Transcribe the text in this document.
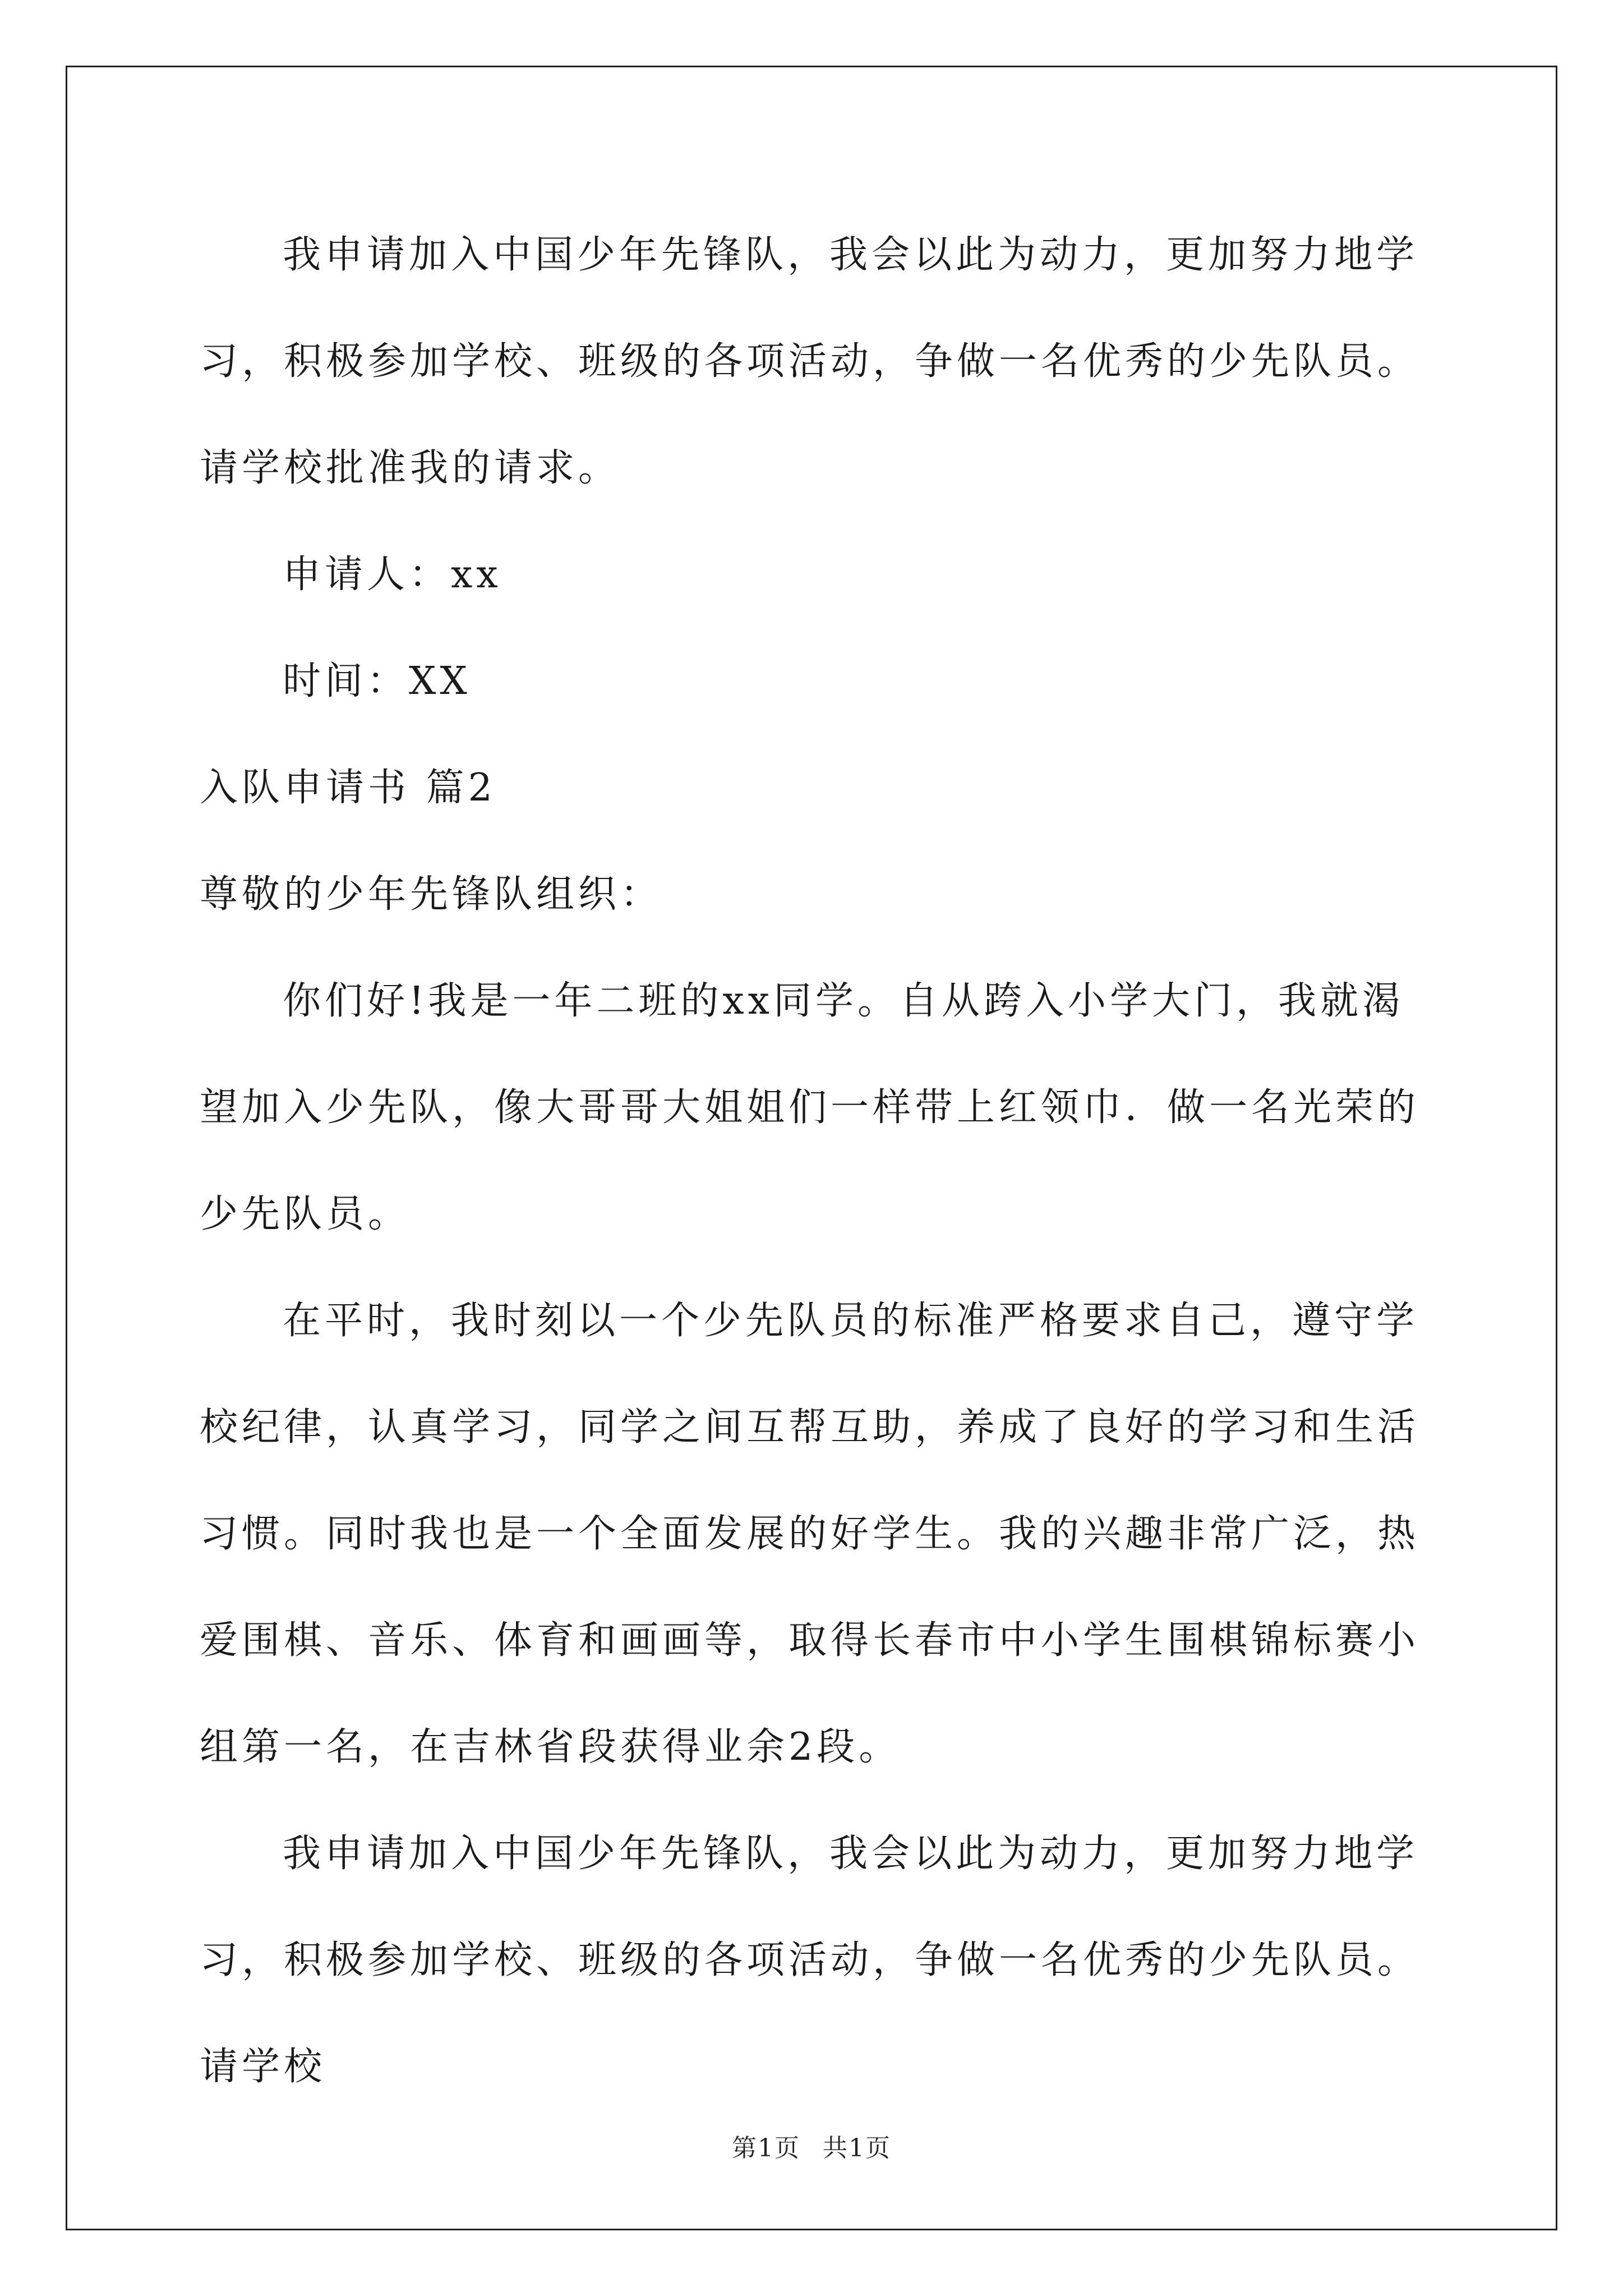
我申请加入中国少年先锋队，我会以此为动力，更加努力地学习，积极参加学校、班级的各项活动，争做一名优秀的少先队员。请学校批准我的请求。

申请人：xx

时间：XX

入队申请书 篇2

尊敬的少年先锋队组织：

你们好!我是一年二班的xx同学。自从跨入小学大门，我就渴望加入少先队，像大哥哥大姐姐们一样带上红领巾．做一名光荣的少先队员。

在平时，我时刻以一个少先队员的标准严格要求自己，遵守学校纪律，认真学习，同学之间互帮互助，养成了良好的学习和生活习惯。同时我也是一个全面发展的好学生。我的兴趣非常广泛，热爱围棋、音乐、体育和画画等，取得长春市中小学生围棋锦标赛小组第一名，在吉林省段获得业余2段。

我申请加入中国少年先锋队，我会以此为动力，更加努力地学习，积极参加学校、班级的各项活动，争做一名优秀的少先队员。请学校

第1页 共1页
